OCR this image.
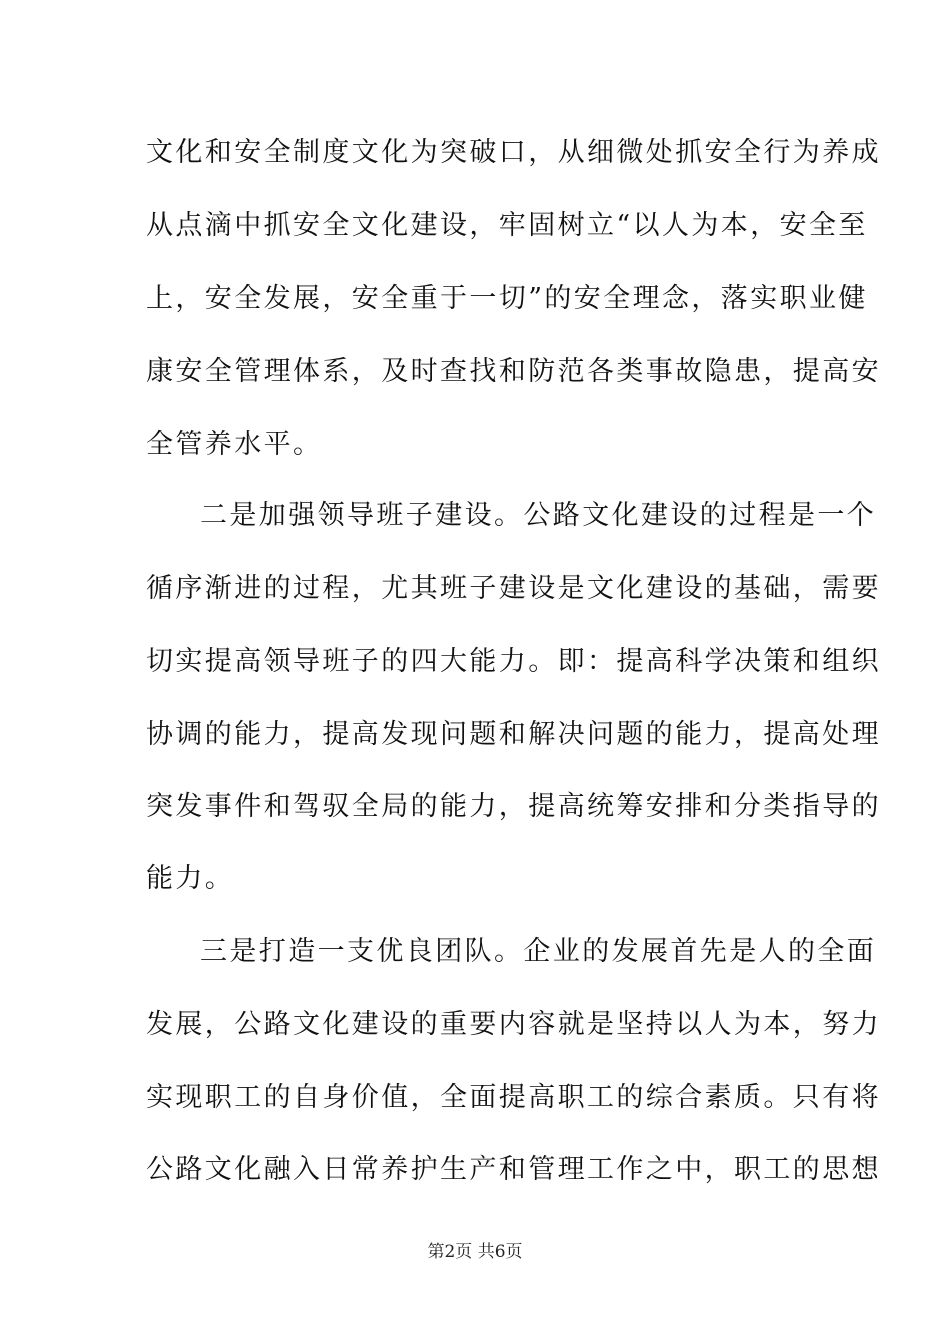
文化和安全制度文化为突破口，从细微处抓安全行为养成
从点滴中抓安全文化建设，牢固树立“以人为本，安全至
上，安全发展，安全重于一切”的安全理念，落实职业健
康安全管理体系，及时查找和防范各类事故隐患，提高安
全管养水平。
二是加强领导班子建设。公路文化建设的过程是一个
循序渐进的过程，尤其班子建设是文化建设的基础，需要
切实提高领导班子的四大能力。即：提高科学决策和组织
协调的能力，提高发现问题和解决问题的能力，提高处理
突发事件和驾驭全局的能力，提高统筹安排和分类指导的
能力。
三是打造一支优良团队。企业的发展首先是人的全面
发展，公路文化建设的重要内容就是坚持以人为本，努力
实现职工的自身价值，全面提高职工的综合素质。只有将
公路文化融入日常养护生产和管理工作之中，职工的思想
第2页 共6页
